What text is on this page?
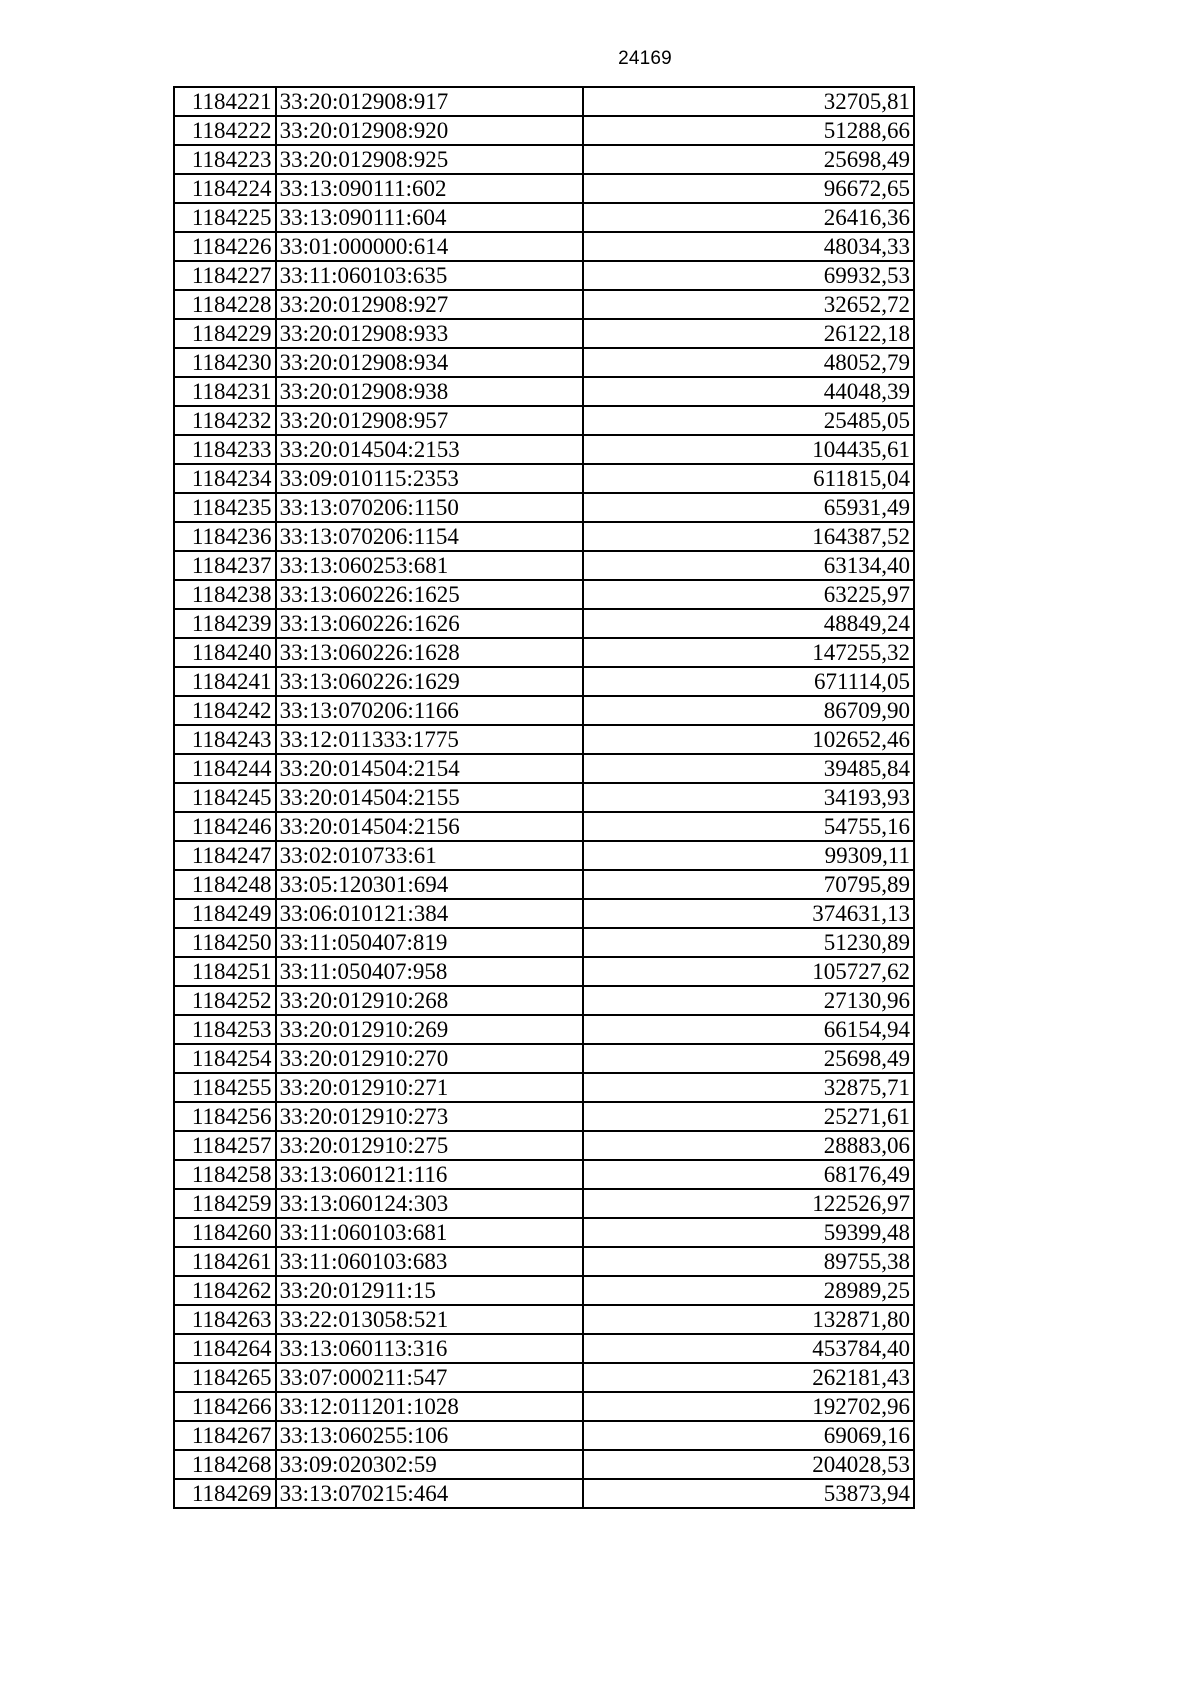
24169
1184221	33:20:012908:917	32705,81
1184222	33:20:012908:920	51288,66
1184223	33:20:012908:925	25698,49
1184224	33:13:090111:602	96672,65
1184225	33:13:090111:604	26416,36
1184226	33:01:000000:614	48034,33
1184227	33:11:060103:635	69932,53
1184228	33:20:012908:927	32652,72
1184229	33:20:012908:933	26122,18
1184230	33:20:012908:934	48052,79
1184231	33:20:012908:938	44048,39
1184232	33:20:012908:957	25485,05
1184233	33:20:014504:2153	104435,61
1184234	33:09:010115:2353	611815,04
1184235	33:13:070206:1150	65931,49
1184236	33:13:070206:1154	164387,52
1184237	33:13:060253:681	63134,40
1184238	33:13:060226:1625	63225,97
1184239	33:13:060226:1626	48849,24
1184240	33:13:060226:1628	147255,32
1184241	33:13:060226:1629	671114,05
1184242	33:13:070206:1166	86709,90
1184243	33:12:011333:1775	102652,46
1184244	33:20:014504:2154	39485,84
1184245	33:20:014504:2155	34193,93
1184246	33:20:014504:2156	54755,16
1184247	33:02:010733:61	99309,11
1184248	33:05:120301:694	70795,89
1184249	33:06:010121:384	374631,13
1184250	33:11:050407:819	51230,89
1184251	33:11:050407:958	105727,62
1184252	33:20:012910:268	27130,96
1184253	33:20:012910:269	66154,94
1184254	33:20:012910:270	25698,49
1184255	33:20:012910:271	32875,71
1184256	33:20:012910:273	25271,61
1184257	33:20:012910:275	28883,06
1184258	33:13:060121:116	68176,49
1184259	33:13:060124:303	122526,97
1184260	33:11:060103:681	59399,48
1184261	33:11:060103:683	89755,38
1184262	33:20:012911:15	28989,25
1184263	33:22:013058:521	132871,80
1184264	33:13:060113:316	453784,40
1184265	33:07:000211:547	262181,43
1184266	33:12:011201:1028	192702,96
1184267	33:13:060255:106	69069,16
1184268	33:09:020302:59	204028,53
1184269	33:13:070215:464	53873,94
